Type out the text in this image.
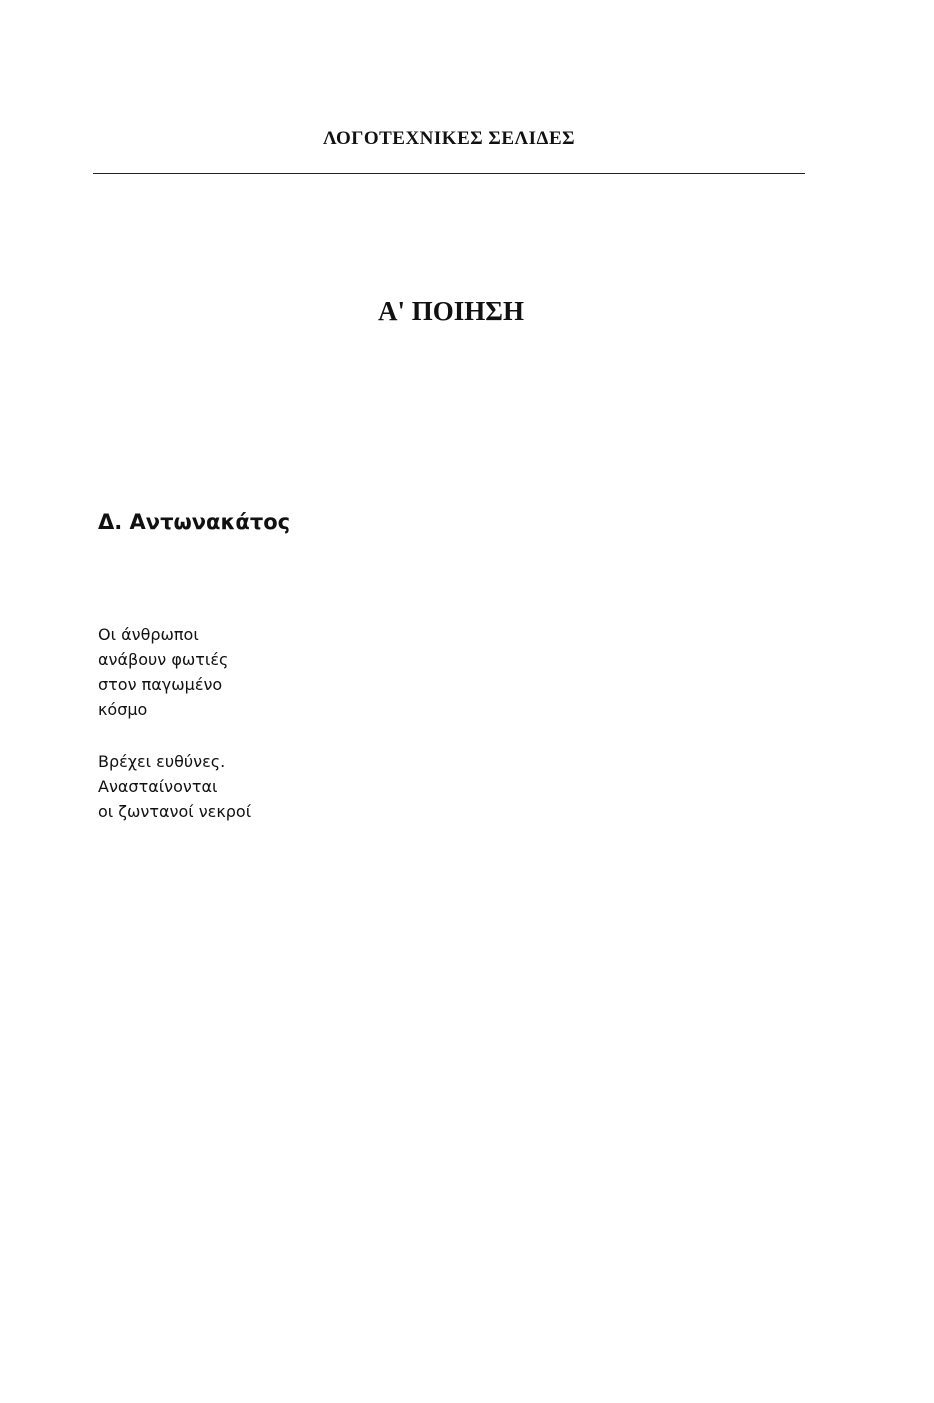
ΛΟΓΟΤΕΧΝΙΚΕΣ ΣΕΛΙΔΕΣ
Α' ΠΟΙΗΣΗ
Δ. Αντωνακάτος
Οι άνθρωποι
ανάβουν φωτιές
στον παγωμένο
κόσμο
Βρέχει ευθύνες.
Ανασταίνονται
οι ζωντανοί νεκροί
